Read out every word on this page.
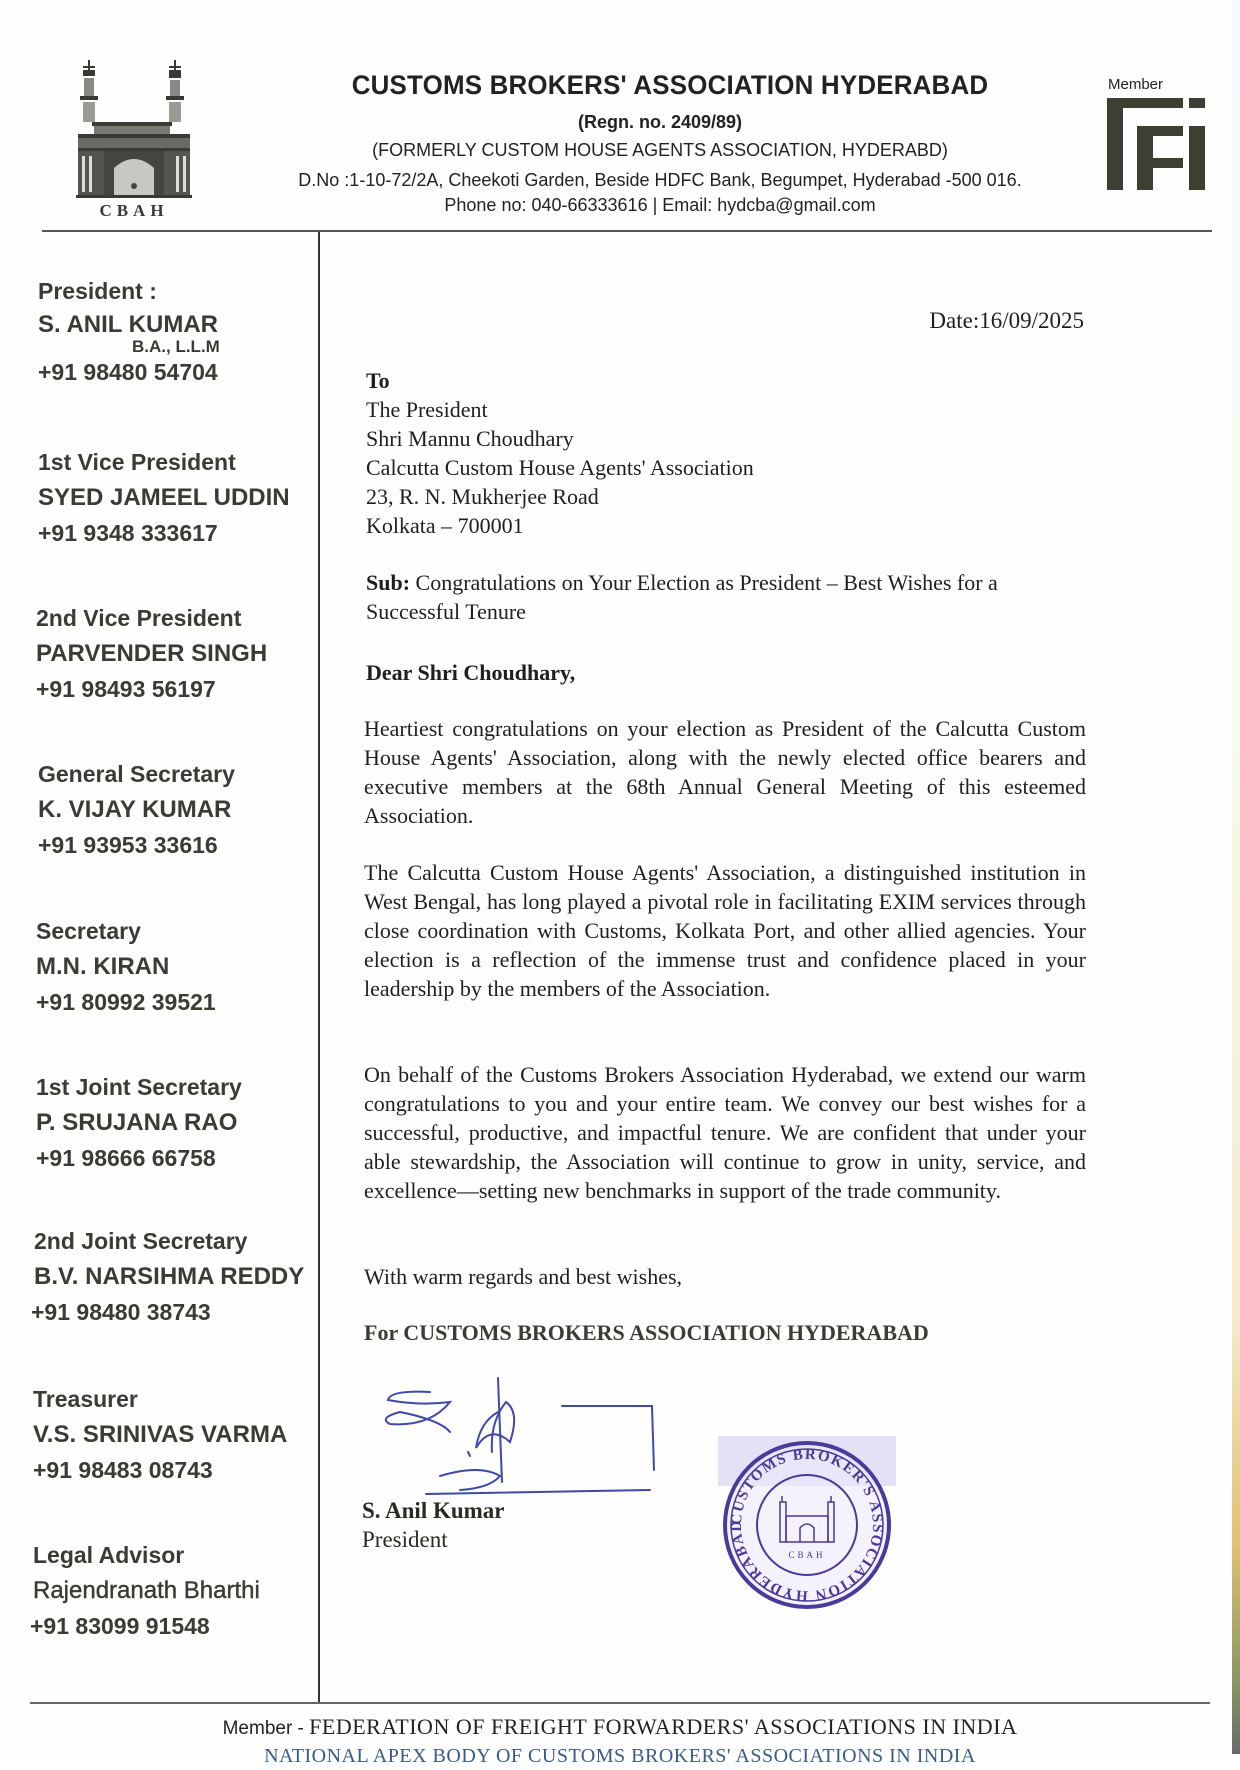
CBAH
CUSTOMS BROKERS' ASSOCIATION HYDERABAD
(Regn. no. 2409/89)
(FORMERLY CUSTOM HOUSE AGENTS ASSOCIATION, HYDERABD)
D.No :1-10-72/2A, Cheekoti Garden, Beside HDFC Bank, Begumpet, Hyderabad -500 016.
Phone no: 040-66333616 | Email: hydcba@gmail.com
Member
President :
S. ANIL KUMAR
B.A., L.L.M
+91 98480 54704
1st Vice President
SYED JAMEEL UDDIN
+91 9348 333617
2nd Vice President
PARVENDER SINGH
+91 98493 56197
General Secretary
K. VIJAY KUMAR
+91 93953 33616
Secretary
M.N. KIRAN
+91 80992 39521
1st Joint Secretary
P. SRUJANA RAO
+91 98666 66758
2nd Joint Secretary
B.V. NARSIHMA REDDY
+91 98480 38743
Treasurer
V.S. SRINIVAS VARMA
+91 98483 08743
Legal Advisor
Rajendranath Bharthi
+91 83099 91548
Date:16/09/2025
To
The President
Shri Mannu Choudhary
Calcutta Custom House Agents' Association
23, R. N. Mukherjee Road
Kolkata – 700001
Sub: Congratulations on Your Election as President – Best Wishes for a Successful Tenure
Dear Shri Choudhary,

Heartiest congratulations on your election as President of the Calcutta Custom House Agents' Association, along with the newly elected office bearers and executive members at the 68th Annual General Meeting of this esteemed Association.

The Calcutta Custom House Agents' Association, a distinguished institution in West Bengal, has long played a pivotal role in facilitating EXIM services through close coordination with Customs, Kolkata Port, and other allied agencies. Your election is a reflection of the immense trust and confidence placed in your leadership by the members of the Association.

On behalf of the Customs Brokers Association Hyderabad, we extend our warm congratulations to you and your entire team. We convey our best wishes for a successful, productive, and impactful tenure. We are confident that under your able stewardship, the Association will continue to grow in unity, service, and excellence—setting new benchmarks in support of the trade community.

With warm regards and best wishes,
For CUSTOMS BROKERS ASSOCIATION HYDERABAD
S. Anil Kumar
President
CUSTOMS BROKER'S ASSOCIATION HYDERABAD
CBAH
Member - FEDERATION OF FREIGHT FORWARDERS' ASSOCIATIONS IN INDIA
NATIONAL APEX BODY OF CUSTOMS BROKERS' ASSOCIATIONS IN INDIA
